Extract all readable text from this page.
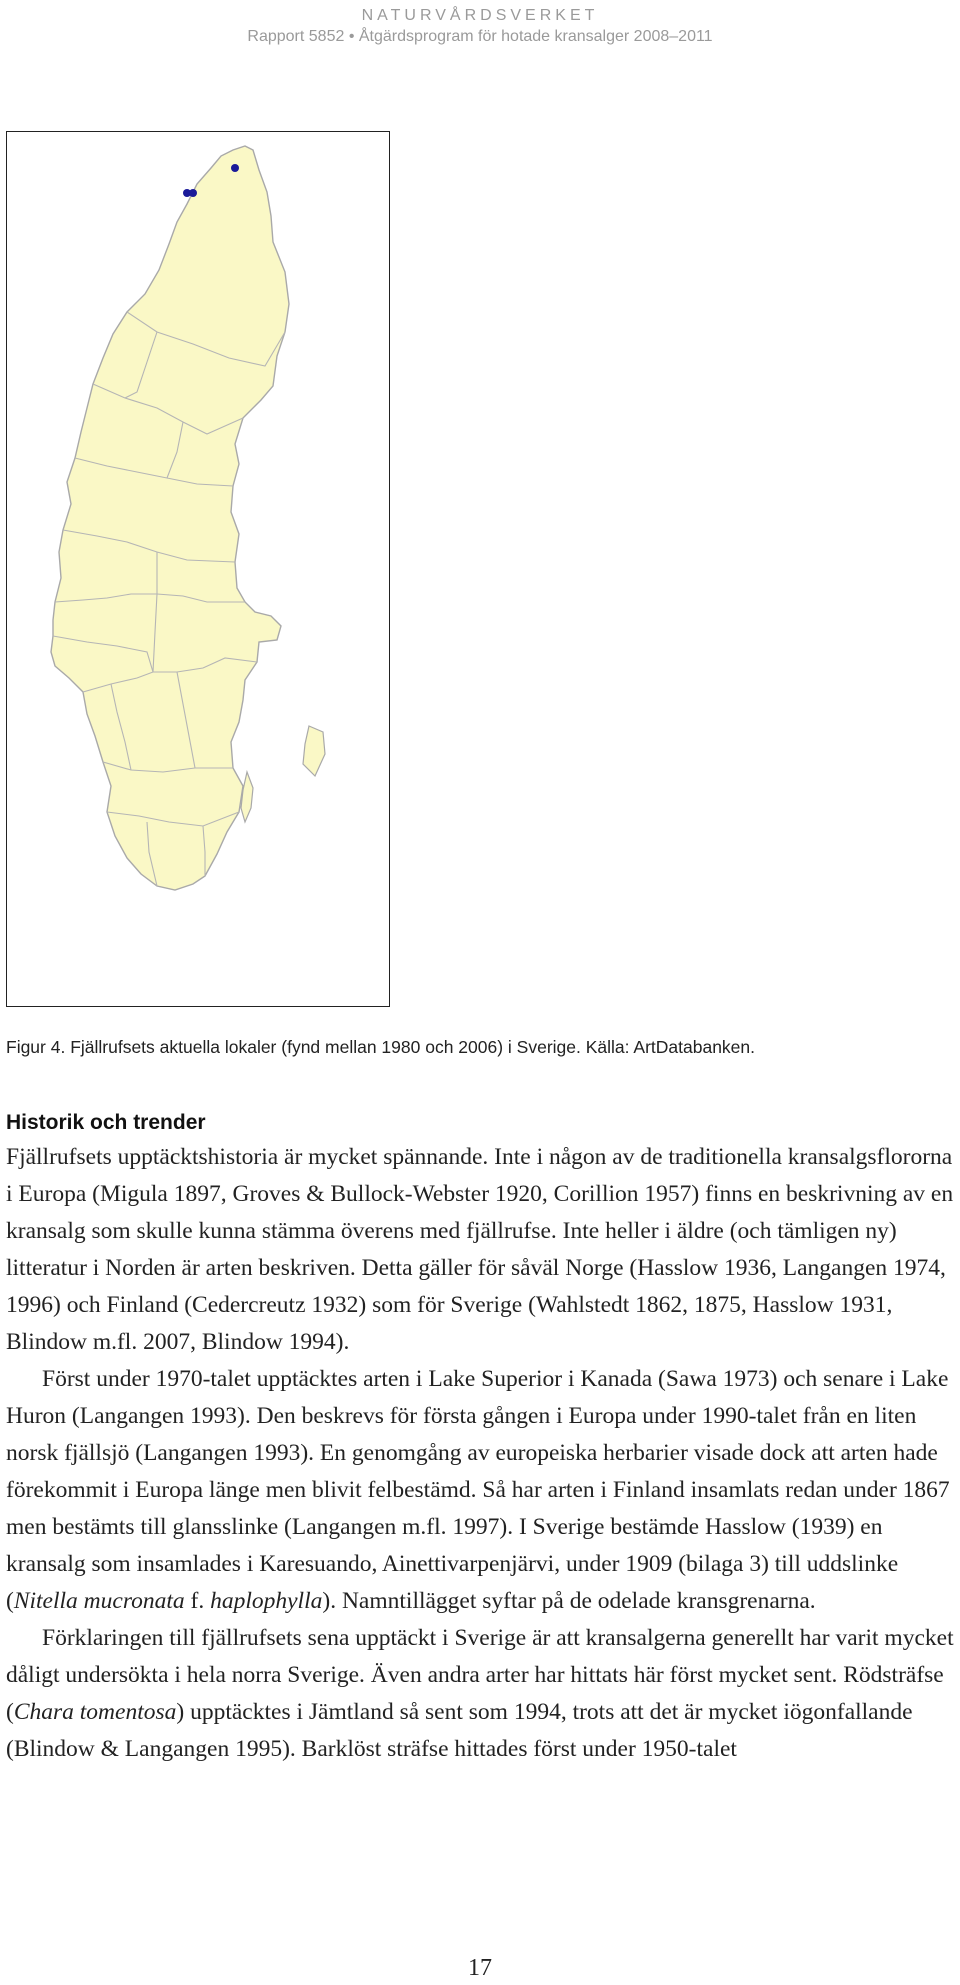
NATURVÅRDSVERKET
Rapport 5852 • Åtgärdsprogram för hotade kransalger 2008–2011
Figur 4. Fjällrufsets aktuella lokaler (fynd mellan 1980 och 2006) i Sverige. Källa: ArtDatabanken.
Historik och trender

Fjällrufsets upptäcktshistoria är mycket spännande. Inte i någon av de traditionella kransalgsflororna i Europa (Migula 1897, Groves & Bullock-Webster 1920, Corillion 1957) finns en beskrivning av en kransalg som skulle kunna stämma överens med fjällrufse. Inte heller i äldre (och tämligen ny) litteratur i Norden är arten beskriven. Detta gäller för såväl Norge (Hasslow 1936, Langangen 1974, 1996) och Finland (Cedercreutz 1932) som för Sverige (Wahlstedt 1862, 1875, Hasslow 1931, Blindow m.fl. 2007, Blindow 1994).

Först under 1970-talet upptäcktes arten i Lake Superior i Kanada (Sawa 1973) och senare i Lake Huron (Langangen 1993). Den beskrevs för första gången i Europa under 1990-talet från en liten norsk fjällsjö (Langangen 1993). En genomgång av europeiska herbarier visade dock att arten hade förekommit i Europa länge men blivit felbestämd. Så har arten i Finland insamlats redan under 1867 men bestämts till glansslinke (Langangen m.fl. 1997). I Sverige bestämde Hasslow (1939) en kransalg som insamlades i Karesuando, Ainettivarpenjärvi, under 1909 (bilaga 3) till uddslinke (Nitella mucronata f. haplophylla). Namntillägget syftar på de odelade kransgrenarna.

Förklaringen till fjällrufsets sena upptäckt i Sverige är att kransalgerna generellt har varit mycket dåligt undersökta i hela norra Sverige. Även andra arter har hittats här först mycket sent. Rödsträfse (Chara tomentosa) upptäcktes i Jämtland så sent som 1994, trots att det är mycket iögonfallande (Blindow & Langangen 1995). Barklöst sträfse hittades först under 1950-talet

17
